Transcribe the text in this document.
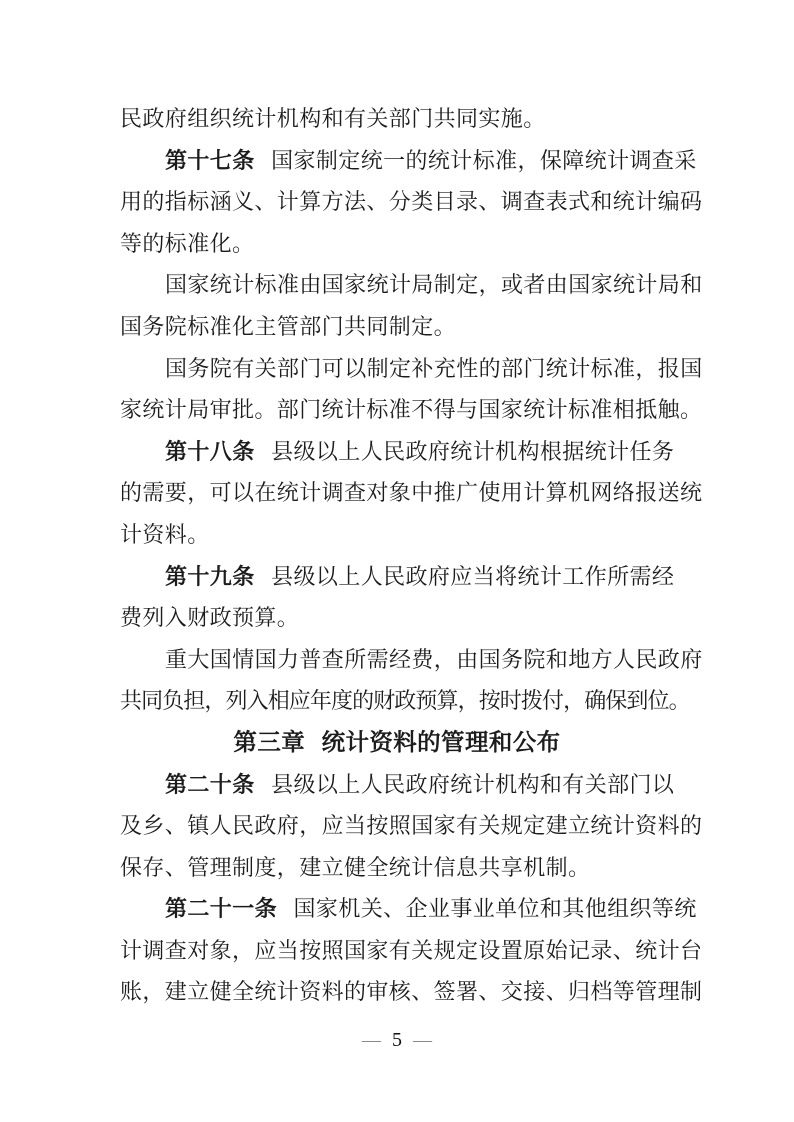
民政府组织统计机构和有关部门共同实施。
第十七条 国家制定统一的统计标准，保障统计调查采
用的指标涵义、计算方法、分类目录、调查表式和统计编码
等的标准化。
国家统计标准由国家统计局制定，或者由国家统计局和
国务院标准化主管部门共同制定。
国务院有关部门可以制定补充性的部门统计标准，报国
家统计局审批。部门统计标准不得与国家统计标准相抵触。
第十八条 县级以上人民政府统计机构根据统计任务
的需要，可以在统计调查对象中推广使用计算机网络报送统
计资料。
第十九条 县级以上人民政府应当将统计工作所需经
费列入财政预算。
重大国情国力普查所需经费，由国务院和地方人民政府
共同负担，列入相应年度的财政预算，按时拨付，确保到位。
第三章 统计资料的管理和公布
第二十条 县级以上人民政府统计机构和有关部门以
及乡、镇人民政府，应当按照国家有关规定建立统计资料的
保存、管理制度，建立健全统计信息共享机制。
第二十一条 国家机关、企业事业单位和其他组织等统
计调查对象，应当按照国家有关规定设置原始记录、统计台
账，建立健全统计资料的审核、签署、交接、归档等管理制
— 5 —
